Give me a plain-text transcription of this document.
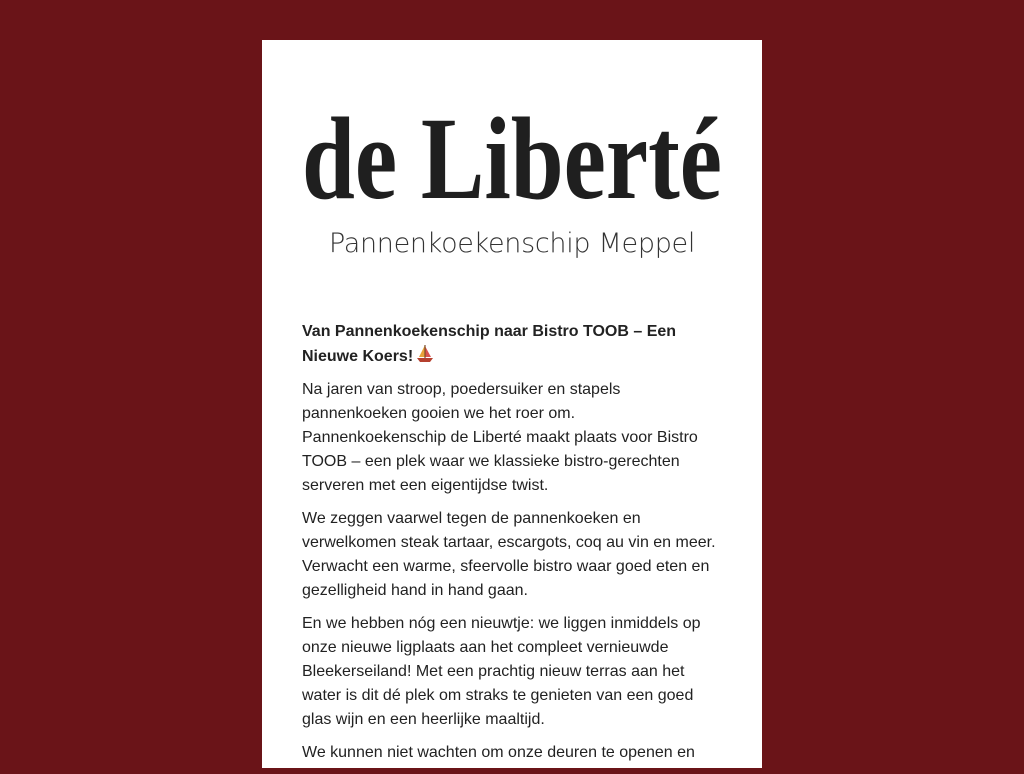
de Liberté
Pannenkoekenschip Meppel
Van Pannenkoekenschip naar Bistro TOOB – Een Nieuwe Koers!

Na jaren van stroop, poedersuiker en stapels pannenkoeken gooien we het roer om. Pannenkoekenschip de Liberté maakt plaats voor Bistro TOOB – een plek waar we klassieke bistro-gerechten serveren met een eigentijdse twist.

We zeggen vaarwel tegen de pannenkoeken en verwelkomen steak tartaar, escargots, coq au vin en meer. Verwacht een warme, sfeervolle bistro waar goed eten en gezelligheid hand in hand gaan.

En we hebben nóg een nieuwtje: we liggen inmiddels op onze nieuwe ligplaats aan het compleet vernieuwde Bleekerseiland! Met een prachtig nieuw terras aan het water is dit dé plek om straks te genieten van een goed glas wijn en een heerlijke maaltijd.

We kunnen niet wachten om onze deuren te openen en
